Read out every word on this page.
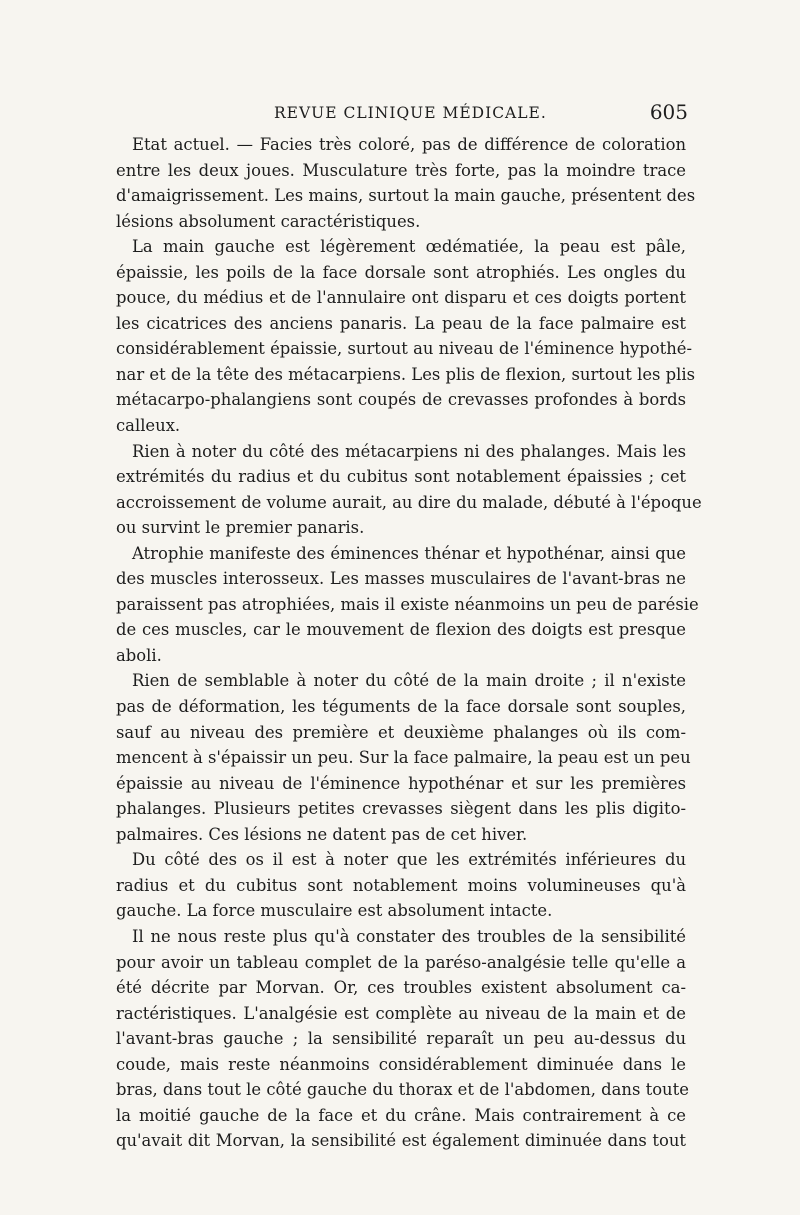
REVUE CLINIQUE MÉDICALE.	605
Etat actuel. — Facies très coloré, pas de différence de coloration
entre les deux joues. Musculature très forte, pas la moindre trace
d'amaigrissement. Les mains, surtout la main gauche, présentent des
lésions absolument caractéristiques.
La main gauche est légèrement œdématiée, la peau est pâle,
épaissie, les poils de la face dorsale sont atrophiés. Les ongles du
pouce, du médius et de l'annulaire ont disparu et ces doigts portent
les cicatrices des anciens panaris. La peau de la face palmaire est
considérablement épaissie, surtout au niveau de l'éminence hypothé-
nar et de la tête des métacarpiens. Les plis de flexion, surtout les plis
métacarpo-phalangiens sont coupés de crevasses profondes à bords
calleux.
Rien à noter du côté des métacarpiens ni des phalanges. Mais les
extrémités du radius et du cubitus sont notablement épaissies ; cet
accroissement de volume aurait, au dire du malade, débuté à l'époque
ou survint le premier panaris.
Atrophie manifeste des éminences thénar et hypothénar, ainsi que
des muscles interosseux. Les masses musculaires de l'avant-bras ne
paraissent pas atrophiées, mais il existe néanmoins un peu de parésie
de ces muscles, car le mouvement de flexion des doigts est presque
aboli.
Rien de semblable à noter du côté de la main droite ; il n'existe
pas de déformation, les téguments de la face dorsale sont souples,
sauf au niveau des première et deuxième phalanges où ils com-
mencent à s'épaissir un peu. Sur la face palmaire, la peau est un peu
épaissie au niveau de l'éminence hypothénar et sur les premières
phalanges. Plusieurs petites crevasses siègent dans les plis digito-
palmaires. Ces lésions ne datent pas de cet hiver.
Du côté des os il est à noter que les extrémités inférieures du
radius et du cubitus sont notablement moins volumineuses qu'à
gauche. La force musculaire est absolument intacte.
Il ne nous reste plus qu'à constater des troubles de la sensibilité
pour avoir un tableau complet de la paréso-analgésie telle qu'elle a
été décrite par Morvan. Or, ces troubles existent absolument ca-
ractéristiques. L'analgésie est complète au niveau de la main et de
l'avant-bras gauche ; la sensibilité reparaît un peu au-dessus du
coude, mais reste néanmoins considérablement diminuée dans le
bras, dans tout le côté gauche du thorax et de l'abdomen, dans toute
la moitié gauche de la face et du crâne. Mais contrairement à ce
qu'avait dit Morvan, la sensibilité est également diminuée dans tout
